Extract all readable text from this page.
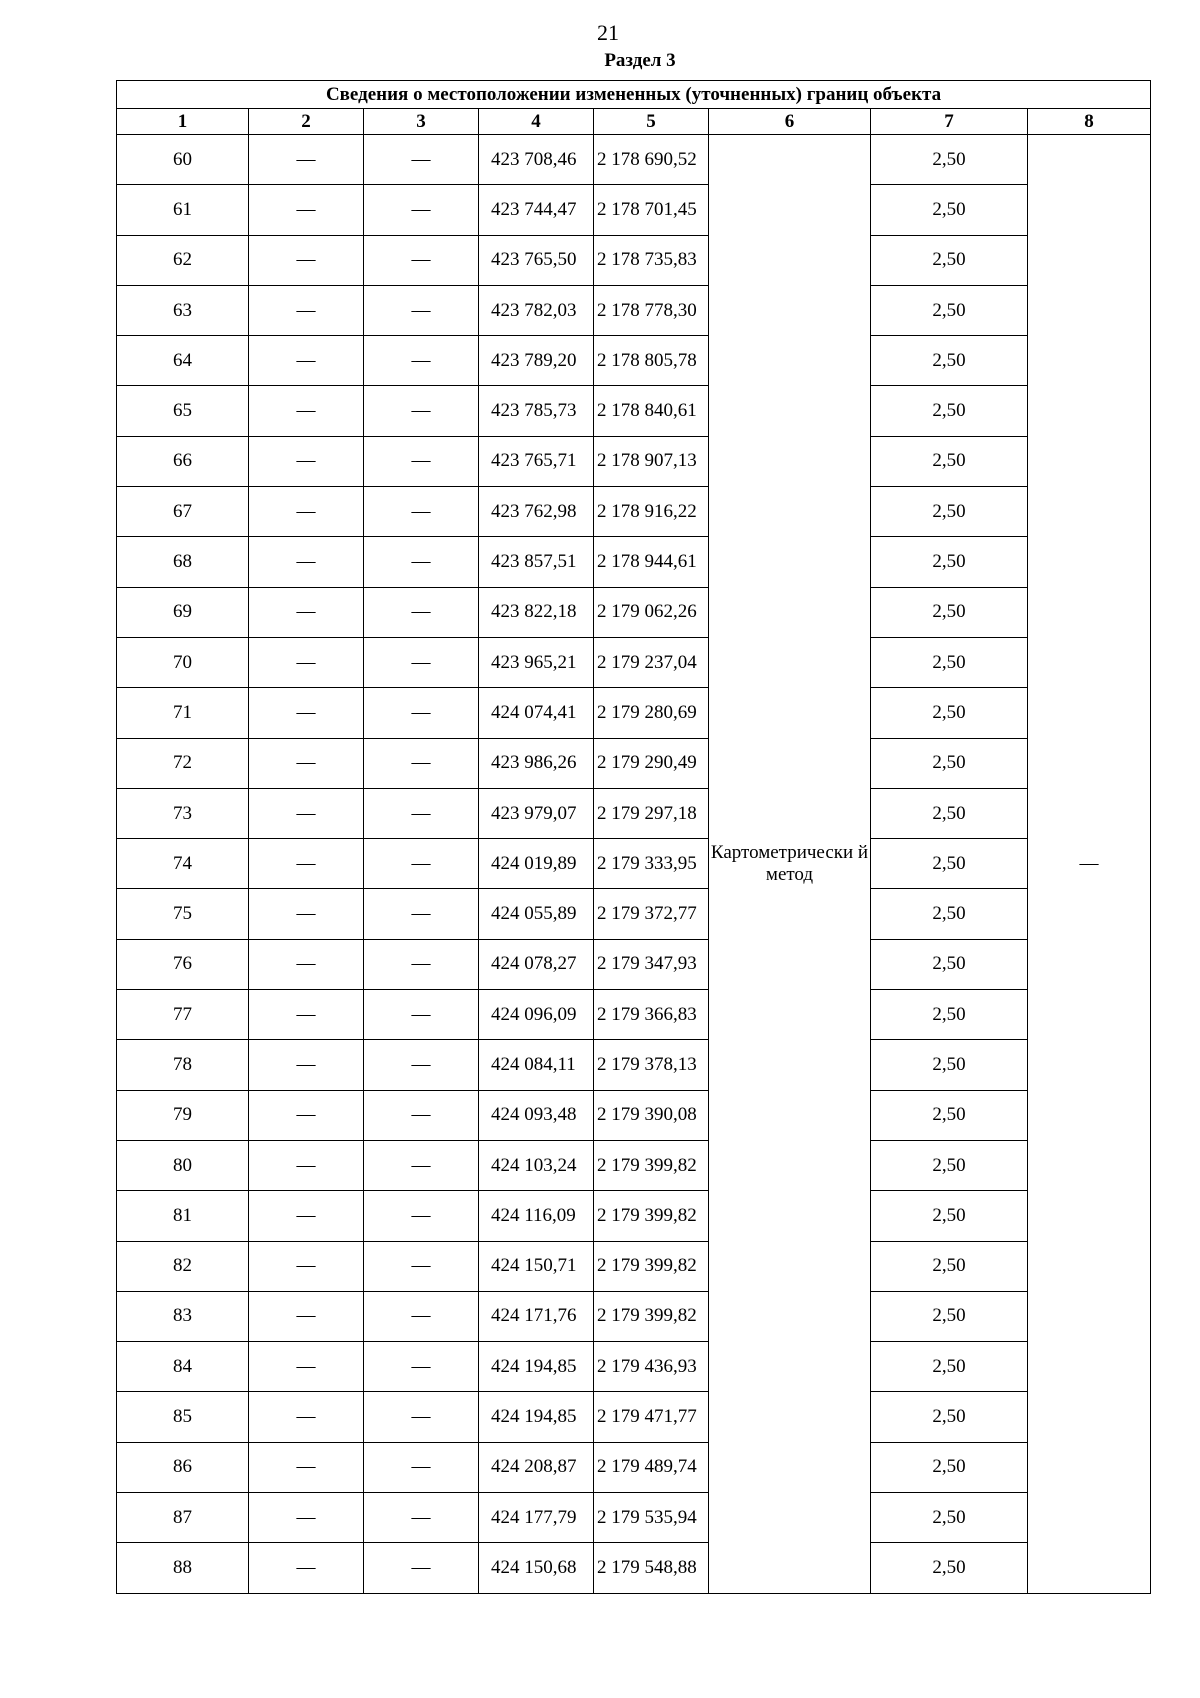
21
Раздел 3
Сведения о местоположении измененных (уточненных) границ объекта							
1	2	3	4	5	6	7	8
60	—	—	423 708,46	2 178 690,52	Картометрически й метод	2,50	—
61	—	—	423 744,47	2 178 701,45		2,50	
62	—	—	423 765,50	2 178 735,83		2,50	
63	—	—	423 782,03	2 178 778,30		2,50	
64	—	—	423 789,20	2 178 805,78		2,50	
65	—	—	423 785,73	2 178 840,61		2,50	
66	—	—	423 765,71	2 178 907,13		2,50	
67	—	—	423 762,98	2 178 916,22		2,50	
68	—	—	423 857,51	2 178 944,61		2,50	
69	—	—	423 822,18	2 179 062,26		2,50	
70	—	—	423 965,21	2 179 237,04		2,50	
71	—	—	424 074,41	2 179 280,69		2,50	
72	—	—	423 986,26	2 179 290,49		2,50	
73	—	—	423 979,07	2 179 297,18		2,50	
74	—	—	424 019,89	2 179 333,95		2,50	
75	—	—	424 055,89	2 179 372,77		2,50	
76	—	—	424 078,27	2 179 347,93		2,50	
77	—	—	424 096,09	2 179 366,83		2,50	
78	—	—	424 084,11	2 179 378,13		2,50	
79	—	—	424 093,48	2 179 390,08		2,50	
80	—	—	424 103,24	2 179 399,82		2,50	
81	—	—	424 116,09	2 179 399,82		2,50	
82	—	—	424 150,71	2 179 399,82		2,50	
83	—	—	424 171,76	2 179 399,82		2,50	
84	—	—	424 194,85	2 179 436,93		2,50	
85	—	—	424 194,85	2 179 471,77		2,50	
86	—	—	424 208,87	2 179 489,74		2,50	
87	—	—	424 177,79	2 179 535,94		2,50	
88	—	—	424 150,68	2 179 548,88		2,50	
